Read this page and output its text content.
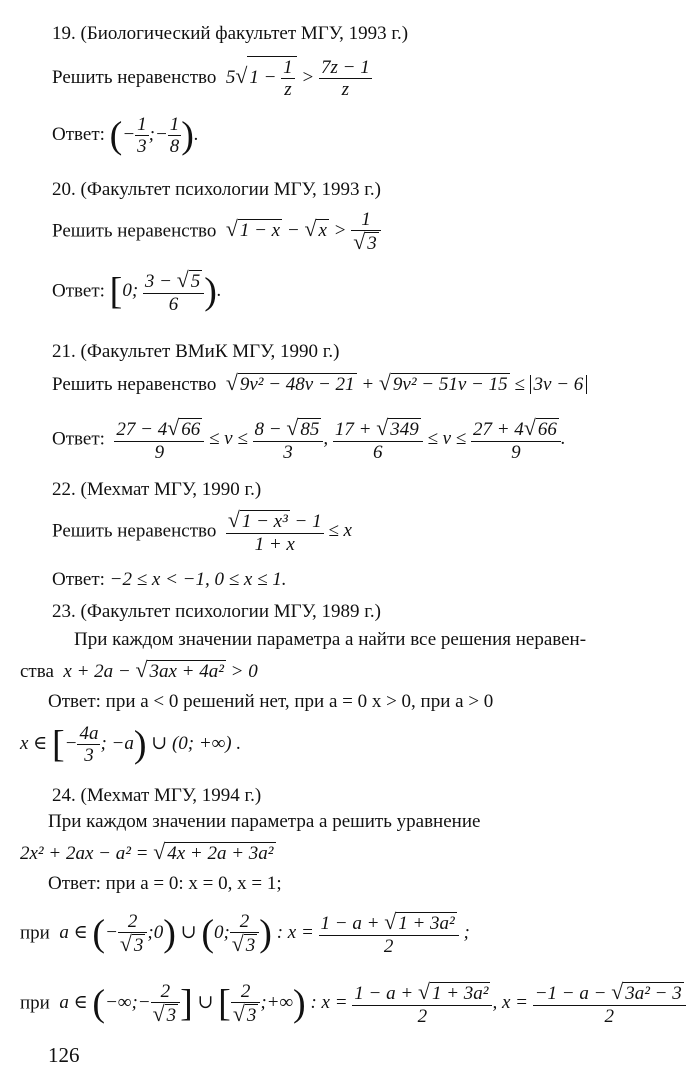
19. (Биологический факультет МГУ, 1993 г.)
Решить неравенство  5√ $1 - \frac{1}{z} > \frac{7z - 1}{z}$
Ответ: (− $\frac{1}{3}$ ;− $\frac{1}{8}$ ).
20. (Факультет психологии МГУ, 1993 г.)
Решить неравенство √ 1 − x − √ $x > \frac{1}{√ 3}$
Ответ: [0; $\frac{3 - √ 5}{6}$ ).
21. (Факультет ВМиК МГУ, 1990 г.)
Решить неравенство √ 9v² − 48v − 21 + √ 9v² − 51v − 15 ≤ 3v − 6
Ответ: $\frac{27 - 4√ 66}{9} \le v \le \frac{8 - √ 85}{3}$ , $\frac{17 + √ 349}{6} \le v \le \frac{27 + 4√ 66}{9}$ .
22. (Мехмат МГУ, 1990 г.)
Решить неравенство $\frac{\text{√ 1 − x³ − 1}}{1 + x} \le x$
Ответ: −2 ≤ x < −1, 0 ≤ x ≤ 1.
23. (Факультет психологии МГУ, 1989 г.)
При каждом значении параметра a найти все решения неравен-
ства  x + 2a − √ 3ax + 4a² > 0
Ответ: при a < 0 решений нет, при a = 0 x > 0, при a > 0
x ∈ [− $\frac{4a}{3}$ ; −a) ∪ (0; +∞) .
24. (Мехмат МГУ, 1994 г.)
При каждом значении параметра a решить уравнение
2x² + 2ax − a² = √ 4x + 2a + 3a²
Ответ: при a = 0: x = 0, x = 1;
при  a ∈ (− $\frac{2}{√ 3}$ ;0) ∪ (0; $\frac{2}{√ 3}$ ) : $x = \frac{\text{1 − a + √ 1 + 3a²}}{2}$ ;
при  a ∈ (−∞;− $\frac{2}{√ 3}$ ] ∪ [ $\frac{2}{√ 3}$ ;+∞) : $x = \frac{\text{1 − a + √ 1 + 3a²}}{2}$ , $x = \frac{\text{−1 − a − √ 3a² − 3}}{2}$
126
